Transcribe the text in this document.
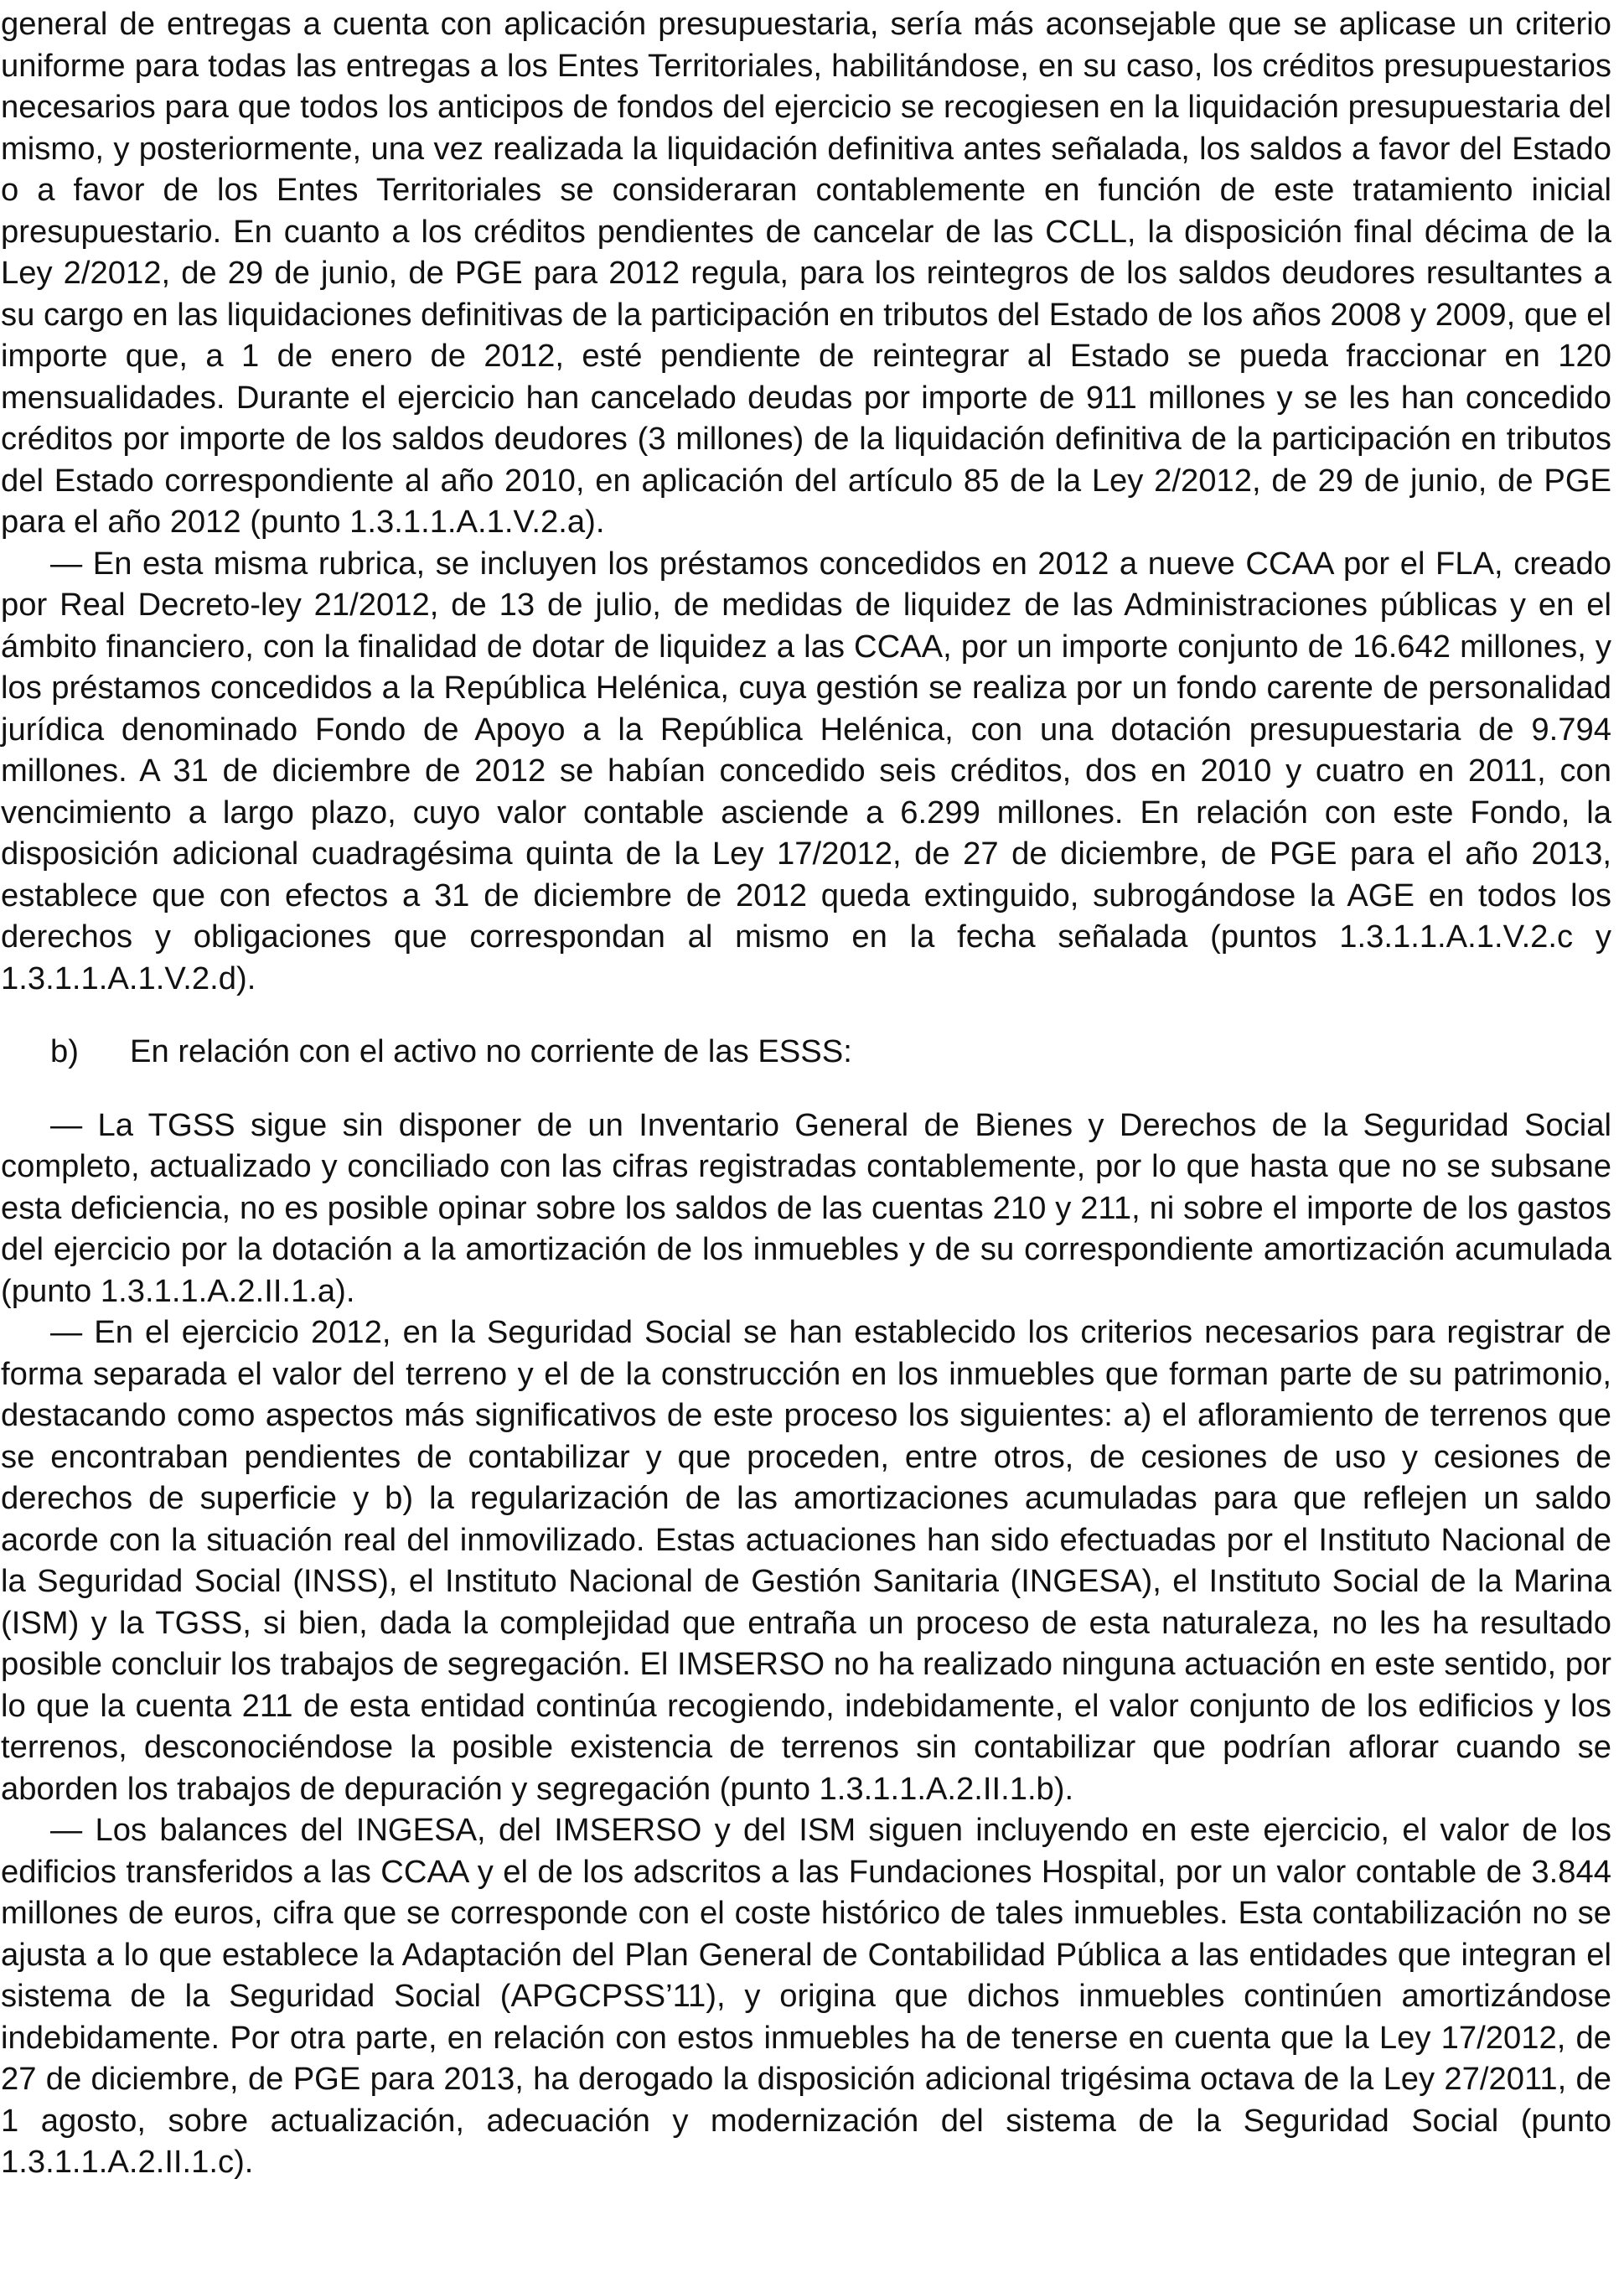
general de entregas a cuenta con aplicación presupuestaria, sería más aconsejable que se aplicase un criterio uniforme para todas las entregas a los Entes Territoriales, habilitándose, en su caso, los créditos presupuestarios necesarios para que todos los anticipos de fondos del ejercicio se recogiesen en la liquidación presupuestaria del mismo, y posteriormente, una vez realizada la liquidación definitiva antes señalada, los saldos a favor del Estado o a favor de los Entes Territoriales se consideraran contablemente en función de este tratamiento inicial presupuestario. En cuanto a los créditos pendientes de cancelar de las CCLL, la disposición final décima de la Ley 2/2012, de 29 de junio, de PGE para 2012 regula, para los reintegros de los saldos deudores resultantes a su cargo en las liquidaciones definitivas de la participación en tributos del Estado de los años 2008 y 2009, que el importe que, a 1 de enero de 2012, esté pendiente de reintegrar al Estado se pueda fraccionar en 120 mensualidades. Durante el ejercicio han cancelado deudas por importe de 911 millones y se les han concedido créditos por importe de los saldos deudores (3 millones) de la liquidación definitiva de la participación en tributos del Estado correspondiente al año 2010, en aplicación del artículo 85 de la Ley 2/2012, de 29 de junio, de PGE para el año 2012 (punto 1.3.1.1.A.1.V.2.a).

— En esta misma rubrica, se incluyen los préstamos concedidos en 2012 a nueve CCAA por el FLA, creado por Real Decreto-ley 21/2012, de 13 de julio, de medidas de liquidez de las Administraciones públicas y en el ámbito financiero, con la finalidad de dotar de liquidez a las CCAA, por un importe conjunto de 16.642 millones, y los préstamos concedidos a la República Helénica, cuya gestión se realiza por un fondo carente de personalidad jurídica denominado Fondo de Apoyo a la República Helénica, con una dotación presupuestaria de 9.794 millones. A 31 de diciembre de 2012 se habían concedido seis créditos, dos en 2010 y cuatro en 2011, con vencimiento a largo plazo, cuyo valor contable asciende a 6.299 millones. En relación con este Fondo, la disposición adicional cuadragésima quinta de la Ley 17/2012, de 27 de diciembre, de PGE para el año 2013, establece que con efectos a 31 de diciembre de 2012 queda extinguido, subrogándose la AGE en todos los derechos y obligaciones que correspondan al mismo en la fecha señalada (puntos 1.3.1.1.A.1.V.2.c y 1.3.1.1.A.1.V.2.d).

b) En relación con el activo no corriente de las ESSS:

— La TGSS sigue sin disponer de un Inventario General de Bienes y Derechos de la Seguridad Social completo, actualizado y conciliado con las cifras registradas contablemente, por lo que hasta que no se subsane esta deficiencia, no es posible opinar sobre los saldos de las cuentas 210 y 211, ni sobre el importe de los gastos del ejercicio por la dotación a la amortización de los inmuebles y de su correspondiente amortización acumulada (punto 1.3.1.1.A.2.II.1.a).

— En el ejercicio 2012, en la Seguridad Social se han establecido los criterios necesarios para registrar de forma separada el valor del terreno y el de la construcción en los inmuebles que forman parte de su patrimonio, destacando como aspectos más significativos de este proceso los siguientes: a) el afloramiento de terrenos que se encontraban pendientes de contabilizar y que proceden, entre otros, de cesiones de uso y cesiones de derechos de superficie y b) la regularización de las amortizaciones acumuladas para que reflejen un saldo acorde con la situación real del inmovilizado. Estas actuaciones han sido efectuadas por el Instituto Nacional de la Seguridad Social (INSS), el Instituto Nacional de Gestión Sanitaria (INGESA), el Instituto Social de la Marina (ISM) y la TGSS, si bien, dada la complejidad que entraña un proceso de esta naturaleza, no les ha resultado posible concluir los trabajos de segregación. El IMSERSO no ha realizado ninguna actuación en este sentido, por lo que la cuenta 211 de esta entidad continúa recogiendo, indebidamente, el valor conjunto de los edificios y los terrenos, desconociéndose la posible existencia de terrenos sin contabilizar que podrían aflorar cuando se aborden los trabajos de depuración y segregación (punto 1.3.1.1.A.2.II.1.b).

— Los balances del INGESA, del IMSERSO y del ISM siguen incluyendo en este ejercicio, el valor de los edificios transferidos a las CCAA y el de los adscritos a las Fundaciones Hospital, por un valor contable de 3.844 millones de euros, cifra que se corresponde con el coste histórico de tales inmuebles. Esta contabilización no se ajusta a lo que establece la Adaptación del Plan General de Contabilidad Pública a las entidades que integran el sistema de la Seguridad Social (APGCPSS’11), y origina que dichos inmuebles continúen amortizándose indebidamente. Por otra parte, en relación con estos inmuebles ha de tenerse en cuenta que la Ley 17/2012, de 27 de diciembre, de PGE para 2013, ha derogado la disposición adicional trigésima octava de la Ley 27/2011, de 1 agosto, sobre actualización, adecuación y modernización del sistema de la Seguridad Social (punto 1.3.1.1.A.2.II.1.c).
